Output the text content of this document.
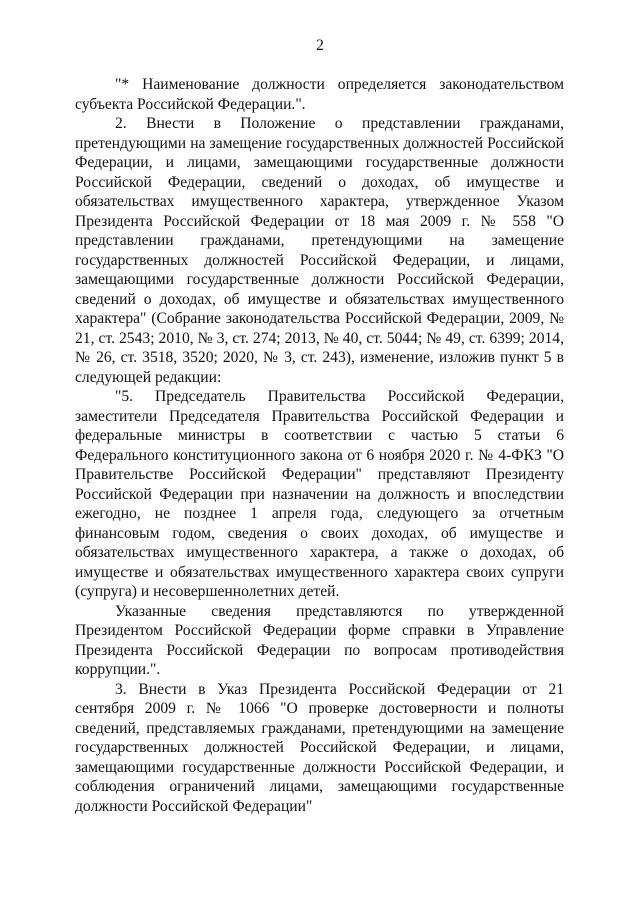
2

"* Наименование должности определяется законодательством субъекта Российской Федерации.".

2. Внести в Положение о представлении гражданами, претендующими на замещение государственных должностей Российской Федерации, и лицами, замещающими государственные должности Российской Федерации, сведений о доходах, об имуществе и обязательствах имущественного характера, утвержденное Указом Президента Российской Федерации от 18 мая 2009 г. № 558 "О представлении гражданами, претендующими на замещение государственных должностей Российской Федерации, и лицами, замещающими государственные должности Российской Федерации, сведений о доходах, об имуществе и обязательствах имущественного характера" (Собрание законодательства Российской Федерации, 2009, № 21, ст. 2543; 2010, № 3, ст. 274; 2013, № 40, ст. 5044; № 49, ст. 6399; 2014, № 26, ст. 3518, 3520; 2020, № 3, ст. 243), изменение, изложив пункт 5 в следующей редакции:

"5. Председатель Правительства Российской Федерации, заместители Председателя Правительства Российской Федерации и федеральные министры в соответствии с частью 5 статьи 6 Федерального конституционного закона от 6 ноября 2020 г. № 4-ФКЗ "О Правительстве Российской Федерации" представляют Президенту Российской Федерации при назначении на должность и впоследствии ежегодно, не позднее 1 апреля года, следующего за отчетным финансовым годом, сведения о своих доходах, об имуществе и обязательствах имущественного характера, а также о доходах, об имуществе и обязательствах имущественного характера своих супруги (супруга) и несовершеннолетних детей.

Указанные сведения представляются по утвержденной Президентом Российской Федерации форме справки в Управление Президента Российской Федерации по вопросам противодействия коррупции.".

3. Внести в Указ Президента Российской Федерации от 21 сентября 2009 г. № 1066 "О проверке достоверности и полноты сведений, представляемых гражданами, претендующими на замещение государственных должностей Российской Федерации, и лицами, замещающими государственные должности Российской Федерации, и соблюдения ограничений лицами, замещающими государственные должности Российской Федерации"
